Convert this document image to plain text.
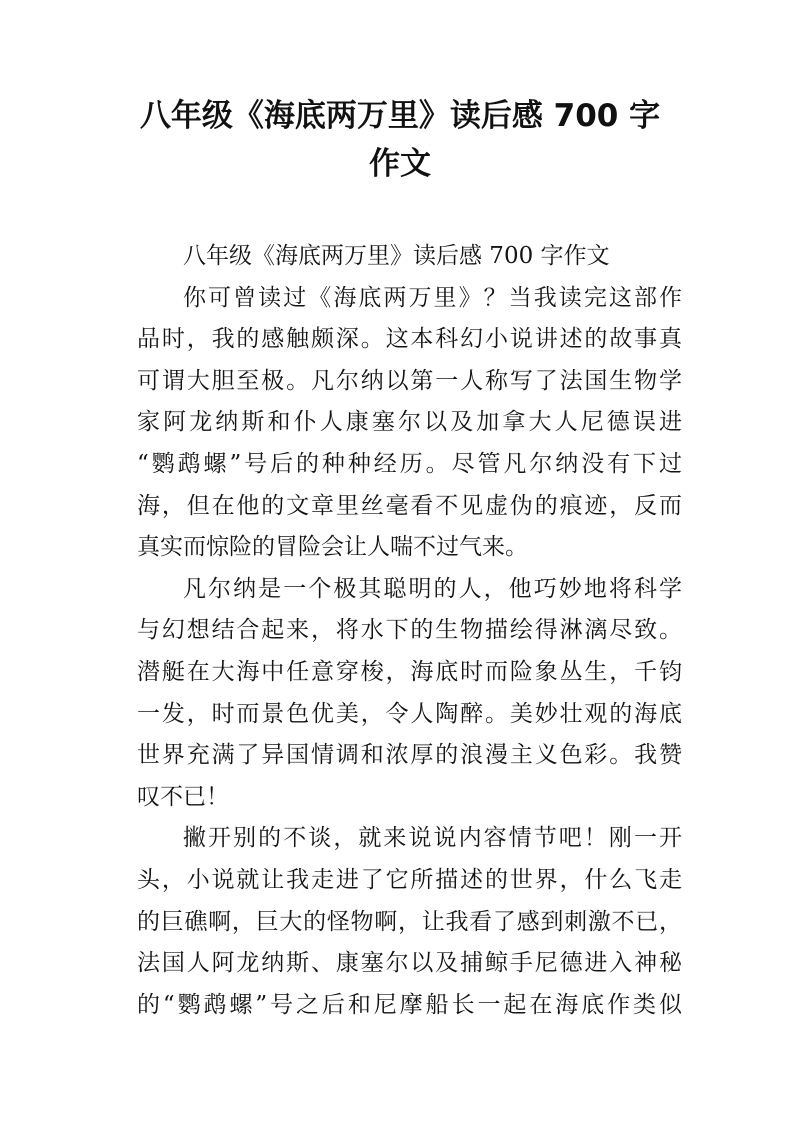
八年级《海底两万里》读后感 700 字
作文
八年级《海底两万里》读后感 700 字作文
你可曾读过《海底两万里》？当我读完这部作
品时，我的感触颇深。这本科幻小说讲述的故事真
可谓大胆至极。凡尔纳以第一人称写了法国生物学
家阿龙纳斯和仆人康塞尔以及加拿大人尼德误进
“鹦鹉螺”号后的种种经历。尽管凡尔纳没有下过
海，但在他的文章里丝毫看不见虚伪的痕迹，反而
真实而惊险的冒险会让人喘不过气来。
凡尔纳是一个极其聪明的人，他巧妙地将科学
与幻想结合起来，将水下的生物描绘得淋漓尽致。
潜艇在大海中任意穿梭，海底时而险象丛生，千钧
一发，时而景色优美，令人陶醉。美妙壮观的海底
世界充满了异国情调和浓厚的浪漫主义色彩。我赞
叹不已！
撇开别的不谈，就来说说内容情节吧！刚一开
头，小说就让我走进了它所描述的世界，什么飞走
的巨礁啊，巨大的怪物啊，让我看了感到刺激不已，
法国人阿龙纳斯、康塞尔以及捕鲸手尼德进入神秘
的“鹦鹉螺”号之后和尼摩船长一起在海底作类似
